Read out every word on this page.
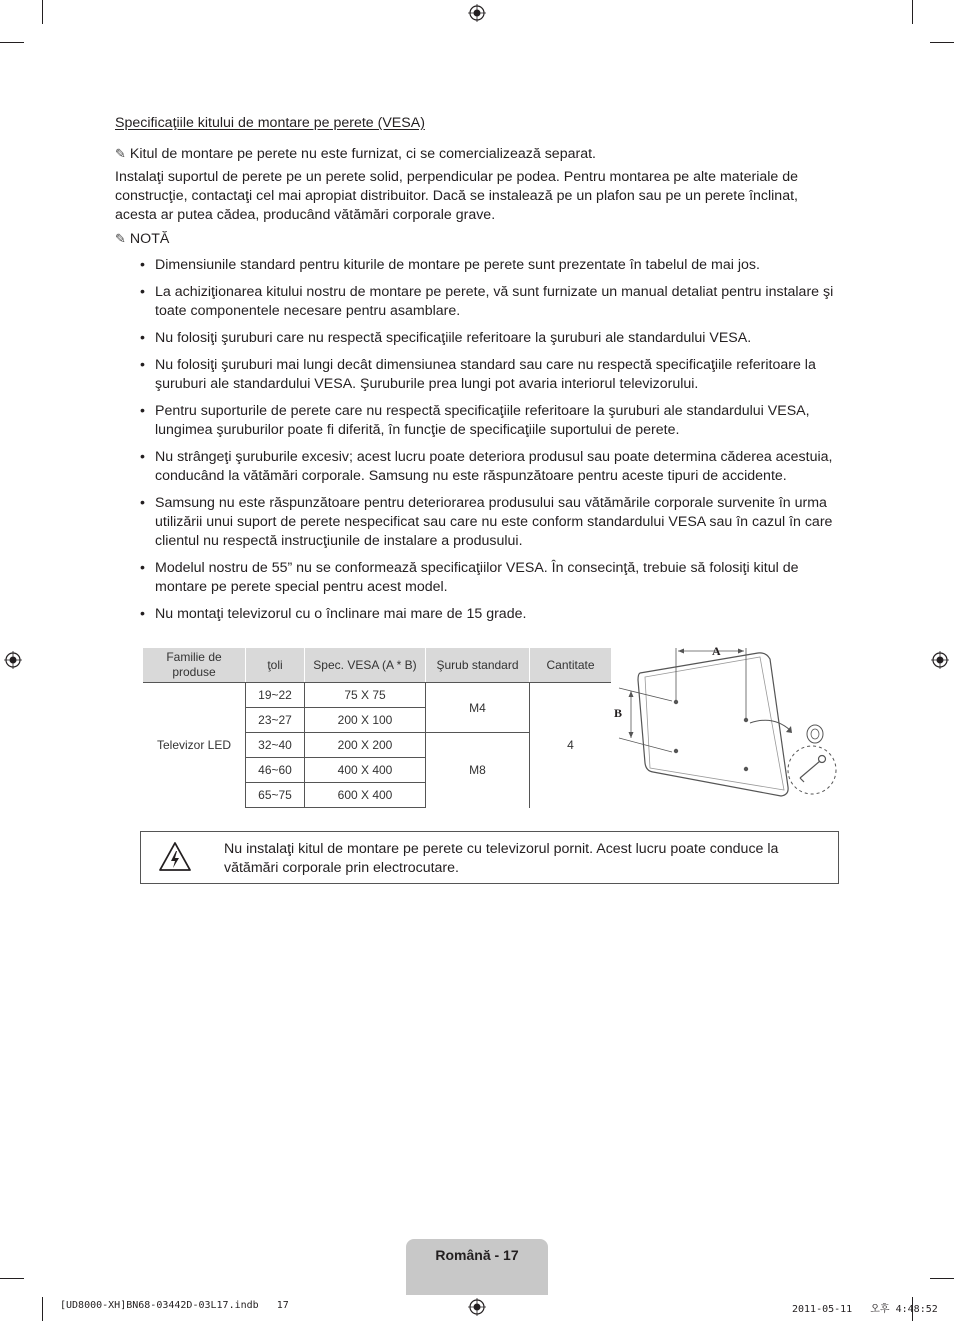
Specificaţiile kitului de montare pe perete (VESA)
✎ Kitul de montare pe perete nu este furnizat, ci se comercializează separat.
Instalaţi suportul de perete pe un perete solid, perpendicular pe podea. Pentru montarea pe alte materiale de construcţie, contactaţi cel mai apropiat distribuitor. Dacă se instalează pe un plafon sau pe un perete înclinat, acesta ar putea cădea, producând vătămări corporale grave.
✎ NOTĂ
• Dimensiunile standard pentru kiturile de montare pe perete sunt prezentate în tabelul de mai jos.
• La achiziţionarea kitului nostru de montare pe perete, vă sunt furnizate un manual detaliat pentru instalare şi toate componentele necesare pentru asamblare.
• Nu folosiţi şuruburi care nu respectă specificaţiile referitoare la şuruburi ale standardului VESA.
• Nu folosiţi şuruburi mai lungi decât dimensiunea standard sau care nu respectă specificaţiile referitoare la şuruburi ale standardului VESA. Şuruburile prea lungi pot avaria interiorul televizorului.
• Pentru suporturile de perete care nu respectă specificaţiile referitoare la şuruburi ale standardului VESA, lungimea şuruburilor poate fi diferită, în funcţie de specificaţiile suportului de perete.
• Nu strângeţi şuruburile excesiv; acest lucru poate deteriora produsul sau poate determina căderea acestuia, conducând la vătămări corporale. Samsung nu este răspunzătoare pentru aceste tipuri de accidente.
• Samsung nu este răspunzătoare pentru deteriorarea produsului sau vătămările corporale survenite în urma utilizării unui suport de perete nespecificat sau care nu este conform standardului VESA sau în cazul în care clientul nu respectă instrucţiunile de instalare a produsului.
• Modelul nostru de 55” nu se conformează specificaţiilor VESA. În consecinţă, trebuie să folosiţi kitul de montare pe perete special pentru acest model.
• Nu montaţi televizorul cu o înclinare mai mare de 15 grade.
Familie de produse	ţoli	Spec. VESA (A * B)	Şurub standard	Cantitate
Televizor LED	19~22	75 X 75	M4	4
	23~27	200 X 100		
	32~40	200 X 200	M8	
	46~60	400 X 400		
	65~75	600 X 400		
A
B
Nu instalaţi kitul de montare pe perete cu televizorul pornit. Acest lucru poate conduce la vătămări corporale prin electrocutare.
Română - 17
[UD8000-XH]BN68-03442D-03L17.indb   17	2011-05-11   오후 4:48:52
